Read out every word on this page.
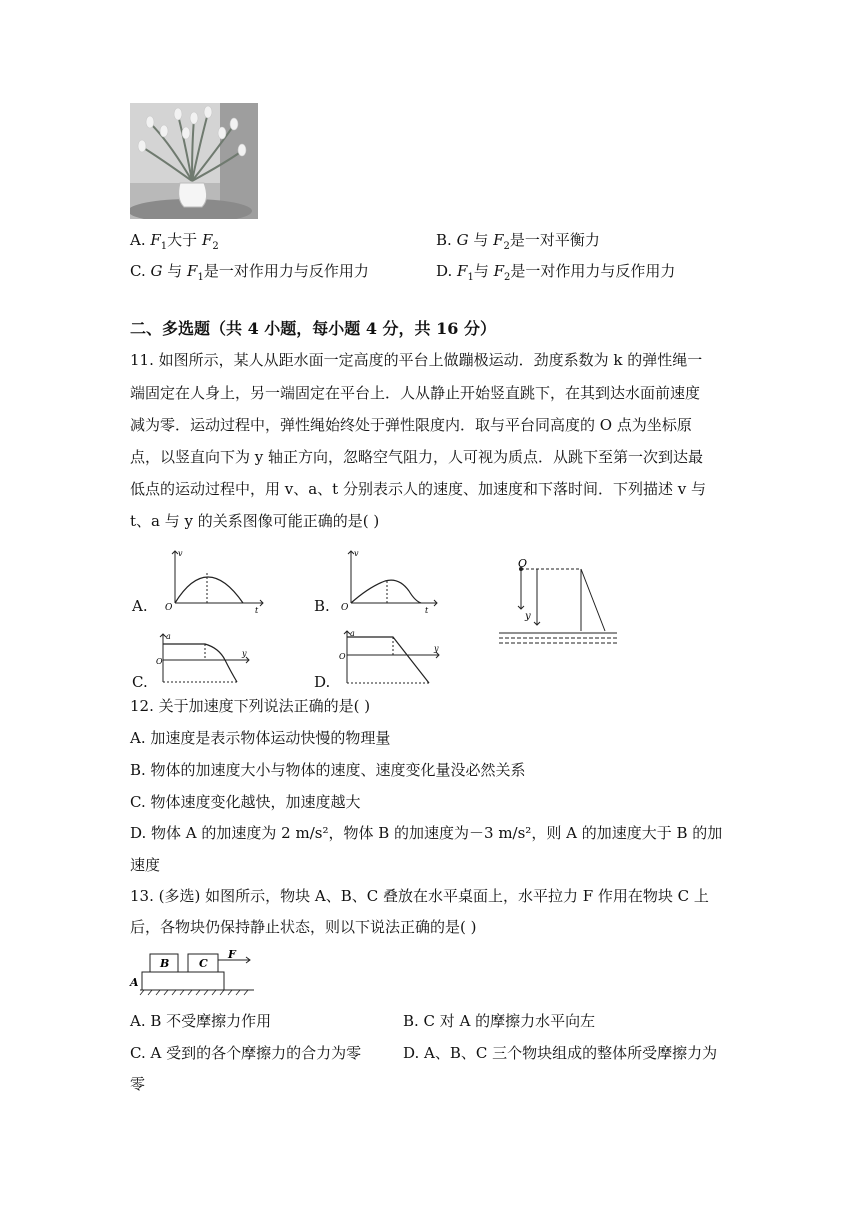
A. $F_1$大于 $F_2$	B. G 与 $F_2$是一对平衡力
C. G 与 $F_1$是一对作用力与反作用力	D. $F_1$与 $F_2$是一对作用力与反作用力
二、多选题（共 4 小题，每小题 4 分，共 16 分）
11. 如图所示，某人从距水面一定高度的平台上做蹦极运动．劲度系数为 k 的弹性绳一
端固定在人身上，另一端固定在平台上．人从静止开始竖直跳下，在其到达水面前速度
减为零．运动过程中，弹性绳始终处于弹性限度内．取与平台同高度的 O 点为坐标原
点，以竖直向下为 y 轴正方向，忽略空气阻力，人可视为质点．从跳下至第一次到达最
低点的运动过程中，用 v、a、t 分别表示人的速度、加速度和下落时间．下列描述 v 与
t、a 与 y 的关系图像可能正确的是( )
A.	B.
C.	D.
v
O	t
v
O	t
a
O
y
a
O
y
O
y
12. 关于加速度下列说法正确的是( )
A. 加速度是表示物体运动快慢的物理量
B. 物体的加速度大小与物体的速度、速度变化量没必然关系
C. 物体速度变化越快，加速度越大
D. 物体 A 的加速度为 2 m/s²，物体 B 的加速度为－3 m/s²，则 A 的加速度大于 B 的加
速度
13. (多选) 如图所示，物块 A、B、C 叠放在水平桌面上，水平拉力 F 作用在物块 C 上
后，各物块仍保持静止状态，则以下说法正确的是( )
A
B	C
F
A. B 不受摩擦力作用	B. C 对 A 的摩擦力水平向左
C. A 受到的各个摩擦力的合力为零	D. A、B、C 三个物块组成的整体所受摩擦力为
零
